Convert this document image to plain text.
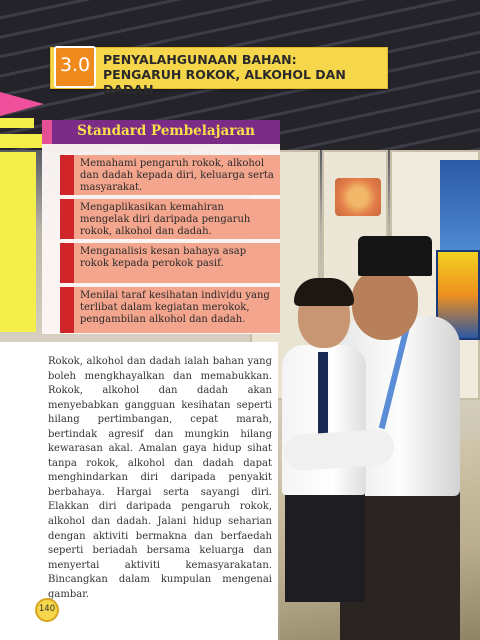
3.0	PENYALAHGUNAAN BAHAN:
PENGARUH ROKOK, ALKOHOL DAN DADAH
Standard Pembelajaran
Memahami pengaruh rokok, alkohol dan dadah kepada diri, keluarga serta masyarakat.
Mengaplikasikan kemahiran mengelak diri daripada pengaruh rokok, alkohol dan dadah.
Menganalisis kesan bahaya asap rokok kepada perokok pasif.
Menilai taraf kesihatan individu yang terlibat dalam kegiatan merokok, pengambilan alkohol dan dadah.
Rokok, alkohol dan dadah ialah bahan yang boleh mengkhayalkan dan memabukkan. Rokok, alkohol dan dadah akan menyebabkan gangguan kesihatan seperti hilang pertimbangan, cepat marah, bertindak agresif dan mungkin hilang kewarasan akal. Amalan gaya hidup sihat tanpa rokok, alkohol dan dadah dapat menghindarkan diri daripada penyakit berbahaya. Hargai serta sayangi diri. Elakkan diri daripada pengaruh rokok, alkohol dan dadah. Jalani hidup seharian dengan aktiviti bermakna dan berfaedah seperti beriadah bersama keluarga dan menyertai aktiviti kemasyarakatan. Bincangkan dalam kumpulan mengenai gambar.
140
